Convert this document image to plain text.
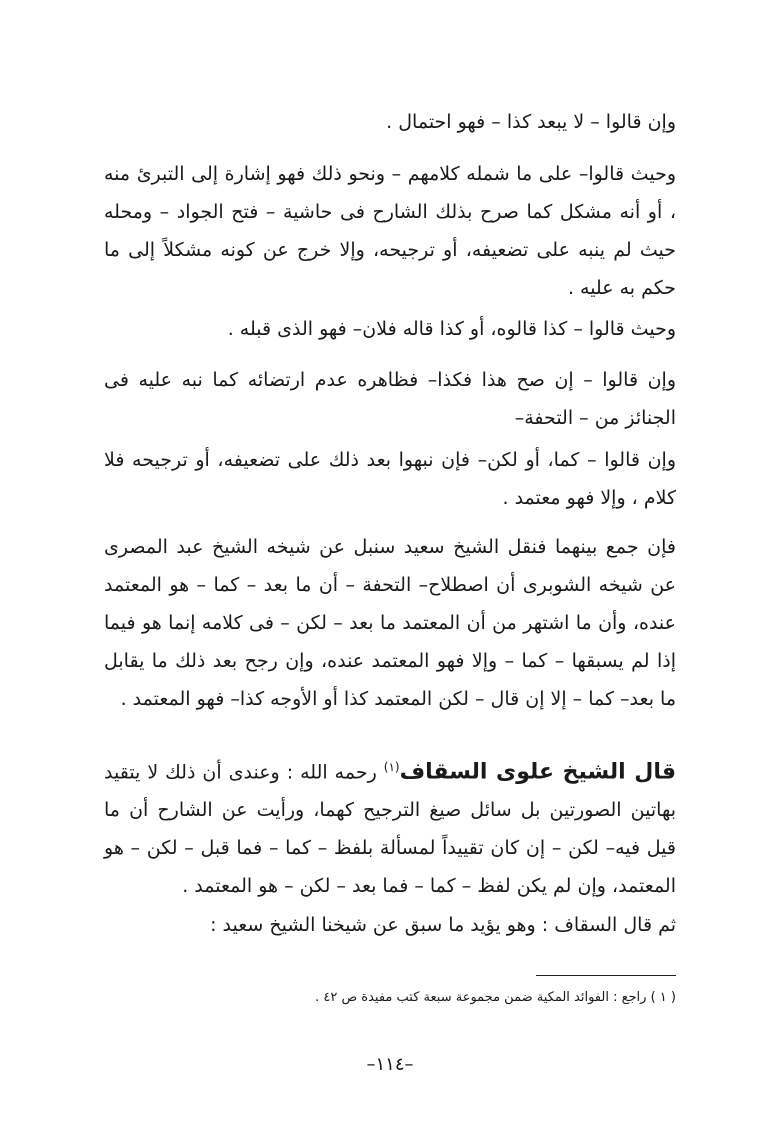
وإن قالوا – لا يبعد كذا – فهو احتمال .

وحيث قالوا– على ما شمله كلامهم – ونحو ذلك فهو إشارة إلى التبرئ منه ، أو أنه مشكل كما صرح بذلك الشارح فى حاشية – فتح الجواد – ومحله حيث لم ينبه على تضعيفه، أو ترجيحه، وإلا خرج عن كونه مشكلاً إلى ما حكم به عليه .

وحيث قالوا – كذا قالوه، أو كذا قاله فلان– فهو الذى قبله .

وإن قالوا – إن صح هذا فكذا– فظاهره عدم ارتضائه كما نبه عليه فى الجنائز من – التحفة–

وإن قالوا – كما، أو لكن– فإن نبهوا بعد ذلك على تضعيفه، أو ترجيحه فلا كلام ، وإلا فهو معتمد .

فإن جمع بينهما فنقل الشيخ سعيد سنبل عن شيخه الشيخ عبد المصرى عن شيخه الشوبرى أن اصطلاح– التحفة – أن ما بعد – كما – هو المعتمد عنده، وأن ما اشتهر من أن المعتمد ما بعد – لكن – فى كلامه إنما هو فيما إذا لم يسبقها – كما – وإلا فهو المعتمد عنده، وإن رجح بعد ذلك ما يقابل ما بعد– كما – إلا إن قال – لكن المعتمد كذا أو الأوجه كذا– فهو المعتمد .

قال الشيخ علوى السقاف$^{(١)}$ رحمه الله : وعندى أن ذلك لا يتقيد بهاتين الصورتين بل سائل صيغ الترجيح كهما، ورأيت عن الشارح أن ما قيل فيه– لكن – إن كان تقييداً لمسألة بلفظ – كما – فما قبل – لكن – هو المعتمد، وإن لم يكن لفظ – كما – فما بعد – لكن – هو المعتمد .

ثم قال السقاف : وهو يؤيد ما سبق عن شيخنا الشيخ سعيد :

( ١ ) راجع : الفوائد المكية ضمن مجموعة سبعة كتب مفيدة ص ٤٢ .

–١١٤–
